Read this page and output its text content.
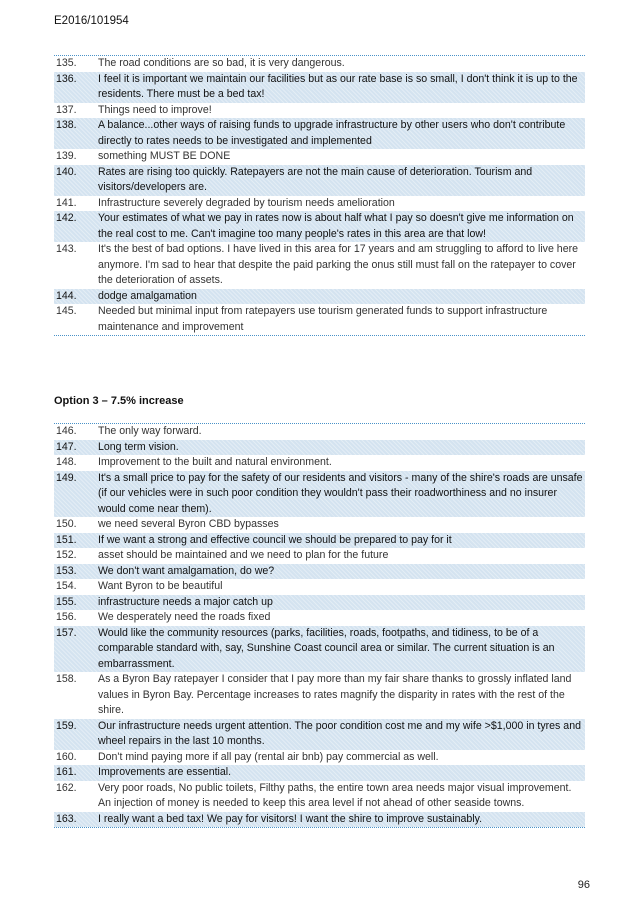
E2016/101954
135.	The road conditions are so bad, it is very dangerous.
136.	I feel it is important we maintain our facilities but as our rate base is so small, I don't think it is up to the residents. There must be a bed tax!
137.	Things need to improve!
138.	A balance...other ways of raising funds to upgrade infrastructure by other users who don't contribute directly to rates needs to be investigated and implemented
139.	something MUST BE DONE
140.	Rates are rising too quickly. Ratepayers are not the main cause of deterioration. Tourism and visitors/developers are.
141.	Infrastructure severely degraded by tourism needs amelioration
142.	Your estimates of what we pay in rates now is about half what I pay so doesn't give me information on the real cost to me. Can't imagine too many people's rates in this area are that low!
143.	It's the best of bad options. I have lived in this area for 17 years and am struggling to afford to live here anymore. I'm sad to hear that despite the paid parking the onus still must fall on the ratepayer to cover the deterioration of assets.
144.	dodge amalgamation
145.	Needed but minimal input from ratepayers use tourism generated funds to support infrastructure maintenance and improvement
Option 3 – 7.5% increase
146.	The only way forward.
147.	Long term vision.
148.	Improvement to the built and natural environment.
149.	It's a small price to pay for the safety of our residents and visitors - many of the shire's roads are unsafe (if our vehicles were in such poor condition they wouldn't pass their roadworthiness and no insurer would come near them).
150.	we need several Byron CBD bypasses
151.	If we want a strong and effective council we should be prepared to pay for it
152.	asset should be maintained and we need to plan for the future
153.	We don't want amalgamation, do we?
154.	Want Byron to be beautiful
155.	infrastructure needs a major catch up
156.	We desperately need the roads fixed
157.	Would like the community resources (parks, facilities, roads, footpaths, and tidiness, to be of a comparable standard with, say, Sunshine Coast council area or similar. The current situation is an embarrassment.
158.	As a Byron Bay ratepayer I consider that I pay more than my fair share thanks to grossly inflated land values in Byron Bay. Percentage increases to rates magnify the disparity in rates with the rest of the shire.
159.	Our infrastructure needs urgent attention. The poor condition cost me and my wife >$1,000 in tyres and wheel repairs in the last 10 months.
160.	Don't mind paying more if all pay (rental air bnb) pay commercial as well.
161.	Improvements are essential.
162.	Very poor roads, No public toilets, Filthy paths, the entire town area needs major visual improvement. An injection of money is needed to keep this area level if not ahead of other seaside towns.
163.	I really want a bed tax! We pay for visitors! I want the shire to improve sustainably.
96
